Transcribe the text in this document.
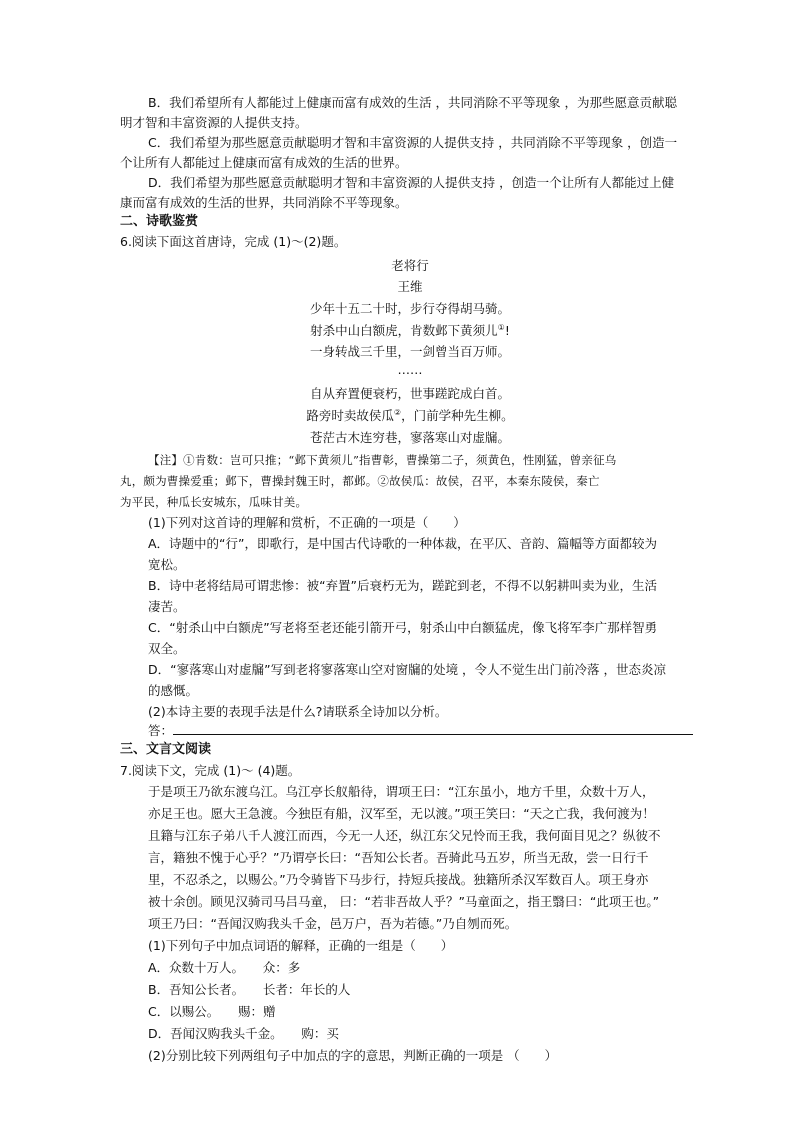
B．我们希望所有人都能过上健康而富有成效的生活 ，共同消除不平等现象 ，为那些愿意贡献聪
明才智和丰富资源的人提供支持。
C．我们希望为那些愿意贡献聪明才智和丰富资源的人提供支持 ，共同消除不平等现象 ，创造一
个让所有人都能过上健康而富有成效的生活的世界。
D．我们希望为那些愿意贡献聪明才智和丰富资源的人提供支持 ，创造一个让所有人都能过上健
康而富有成效的生活的世界，共同消除不平等现象。
二、诗歌鉴赏
6.阅读下面这首唐诗，完成 (1)～(2)题。
老将行
王维
少年十五二十时，步行夺得胡马骑。
射杀中山白额虎，肯数邺下黄须儿①!
一身转战三千里，一剑曾当百万师。
……
自从弃置便衰朽，世事蹉跎成白首。
路旁时卖故侯瓜②，门前学种先生柳。
苍茫古木连穷巷，寥落寒山对虚牖。
【注】①肯数：岂可只推；“邺下黄须儿”指曹彰，曹操第二子，须黄色，性刚猛，曾亲征乌
丸，颇为曹操爱重；邺下，曹操封魏王时，都邺。②故侯瓜：故侯，召平，本秦东陵侯，秦亡
为平民，种瓜长安城东，瓜味甘美。
(1)下列对这首诗的理解和赏析，不正确的一项是（　　）
A．诗题中的“行”，即歌行，是中国古代诗歌的一种体裁，在平仄、音韵、篇幅等方面都较为
宽松。
B．诗中老将结局可谓悲惨：被“弃置”后衰朽无为，蹉跎到老，不得不以躬耕叫卖为业，生活
凄苦。
C．“射杀山中白额虎”写老将至老还能引箭开弓，射杀山中白额猛虎，像飞将军李广那样智勇
双全。
D．“寥落寒山对虚牖”写到老将寥落寒山空对窗牖的处境 ，令人不觉生出门前冷落 ，世态炎凉
的感慨。
(2)本诗主要的表现手法是什么?请联系全诗加以分析。
答：
三、文言文阅读
7.阅读下文，完成 (1)～ (4)题。
于是项王乃欲东渡乌江。乌江亭长舣船待，谓项王曰：“江东虽小，地方千里，众数十万人，
亦足王也。愿大王急渡。今独臣有船，汉军至，无以渡。”项王笑曰：“天之亡我，我何渡为！
且籍与江东子弟八千人渡江而西，今无一人还，纵江东父兄怜而王我，我何面目见之？纵彼不
言，籍独不愧于心乎？”乃谓亭长曰：“吾知公长者。吾骑此马五岁，所当无敌，尝一日行千
里，不忍杀之，以赐公。”乃令骑皆下马步行，持短兵接战。独籍所杀汉军数百人。项王身亦
被十余创。顾见汉骑司马吕马童， 曰：“若非吾故人乎？”马童面之，指王翳曰：“此项王也。”
项王乃曰：“吾闻汉购我头千金，邑万户，吾为若德。”乃自刎而死。
(1)下列句子中加点词语的解释，正确的一组是（　　）
A．众数十万人。　　众：多
B．吾知公长者。　　长者：年长的人
C．以赐公。　　赐：赠
D．吾闻汉购我头千金。　　购：买
(2)分别比较下列两组句子中加点的字的意思，判断正确的一项是 （　　）
